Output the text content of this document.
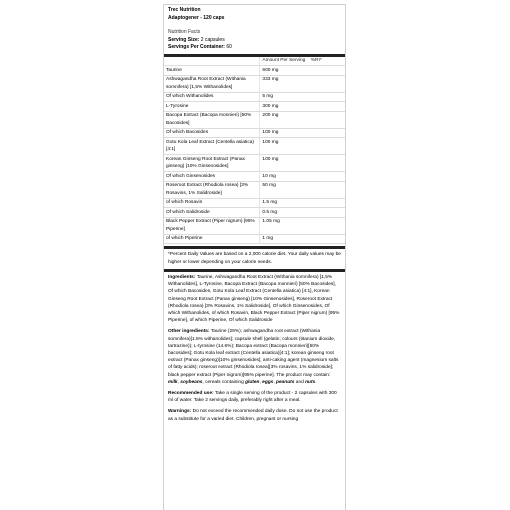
Trec Nutrition
Adaptogener - 120 caps
Nutrition Facts
Serving Size: 2 capsules
Servings Per Container: 60
	Amount Per Serving	%RI*
Taurine	600 mg	
Ashwagandha Root Extract (Withania somnifera) [1,5% Withanolides]	333 mg	
Of which Withanolides	5 mg	
L-Tyrosine	300 mg	
Bacopa Extract (Bacopa monnieri) [50% Bacosides]	200 mg	
Of which Bacosides	100 mg	
Gotu Kola Leaf Extract (Centella asiatica) [4:1]	100 mg	
Korean Ginseng Root Extract (Panax ginseng) [10% Ginsenosides]	100 mg	
Of which Ginsenosides	10 mg	
Roseroot Extract (Rhodiola rosea) [3% Rosavins, 1% Salidroside]	50 mg	
of which Rosavin	1.5 mg	
Of which Salidroside	0.5 mg	
Black Pepper Extract (Piper nigrum) [95% Piperine]	1.05 mg	
of which Piperine	1 mg	
*Percent Daily Values are based on a 2,000 calorie diet. Your daily values may be higher or lower depending on your calorie needs.
Ingredients: Taurine, Ashwagandha Root Extract (Withania somnifera) [1,5% Withanolides], L-Tyrosine, Bacopa Extract (Bacopa monnieri) [50% Bacosides], Of which Bacosides, Gotu Kola Leaf Extract (Centella asiatica) [4:1], Korean Ginseng Root Extract (Panax ginseng) [10% Ginsenosides], Roseroot Extract (Rhodiola rosea) [3% Rosavins, 1% Salidroside], Of which Ginsenosides, Of which Withanolides, of which Rosavin, Black Pepper Extract (Piper nigrum) [95% Piperine], of which Piperine, Of which Salidroside
Other ingredients: Taurine (29%); ashwagandha root extract (Withania somnifera)[1.5% withanolides]; capsule shell (gelatin; colours (titanium dioxide, tartrazine)); L-tyrosine (14.6%); Bacopa extract (Bacopa monnieri)[50% bacosides]; Gotu Kola leaf extract (Centella asiatica)[4:1]; korean ginseng root extract (Panax ginseng)[10% ginsenosides]; anti-caking agent (magnesium salts of fatty acids); roseroot extract (Rhodiola rosea)[3% rosavins, 1% salidroside]; black pepper extract (Piper nigrum)[95% piperine]. The product may contain: milk, soybeans, cereals containing gluten, eggs, peanuts and nuts.
Recommended use: Take a single serving of the product - 2 capsules with 300 ml of water. Take 2 servings daily, preferably right after a meal.
Warnings: Do not exceed the recommended daily dose. Do not use the product as a substitute for a varied diet. Children, pregnant or nursing
